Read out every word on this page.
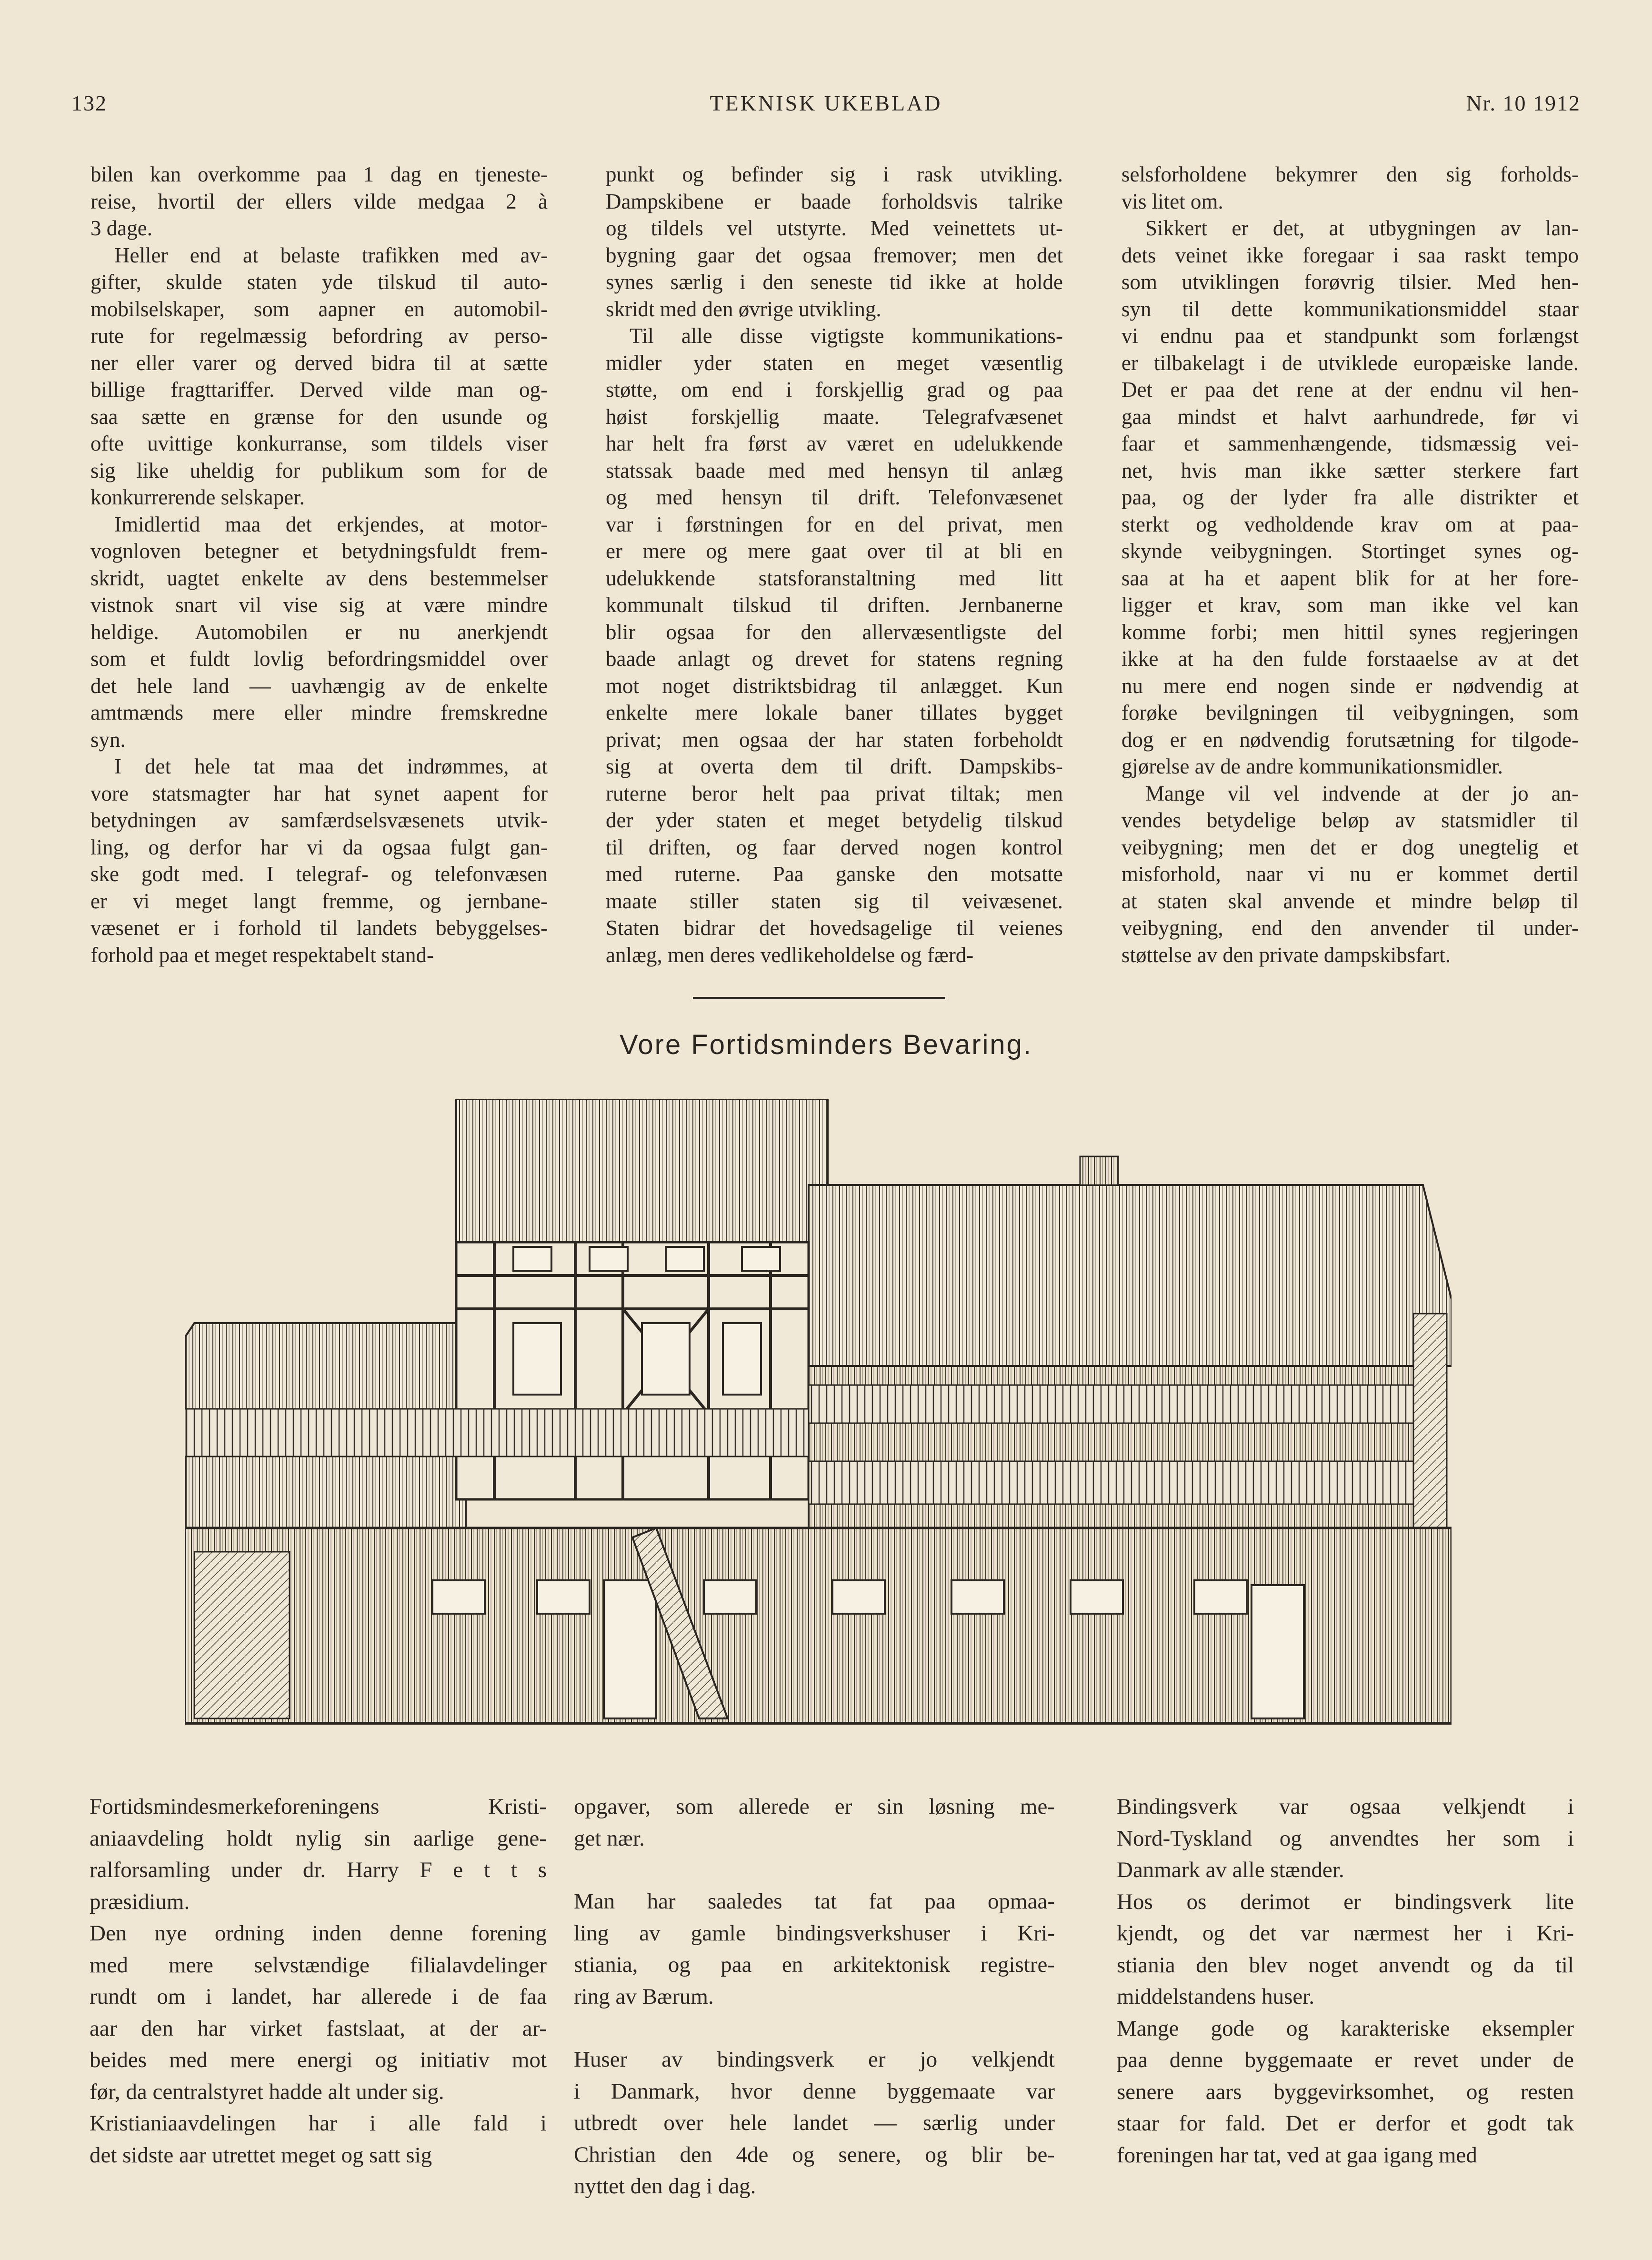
132	TEKNISK UKEBLAD	Nr. 10 1912

bilen kan overkomme paa 1 dag en tjeneste-
reise, hvortil der ellers vilde medgaa 2 à
3 dage.

Heller end at belaste trafikken med av-
gifter, skulde staten yde tilskud til auto-
mobilselskaper, som aapner en automobil-
rute for regelmæssig befordring av perso-
ner eller varer og derved bidra til at sætte
billige fragttariffer. Derved vilde man og-
saa sætte en grænse for den usunde og
ofte uvittige konkurranse, som tildels viser
sig like uheldig for publikum som for de
konkurrerende selskaper.

Imidlertid maa det erkjendes, at motor-
vognloven betegner et betydningsfuldt frem-
skridt, uagtet enkelte av dens bestemmelser
vistnok snart vil vise sig at være mindre
heldige. Automobilen er nu anerkjendt
som et fuldt lovlig befordringsmiddel over
det hele land — uavhængig av de enkelte
amtmænds mere eller mindre fremskredne
syn.

I det hele tat maa det indrømmes, at
vore statsmagter har hat synet aapent for
betydningen av samfærdselsvæsenets utvik-
ling, og derfor har vi da ogsaa fulgt gan-
ske godt med. I telegraf- og telefonvæsen
er vi meget langt fremme, og jernbane-
væsenet er i forhold til landets bebyggelses-
forhold paa et meget respektabelt stand-

punkt og befinder sig i rask utvikling.
Dampskibene er baade forholdsvis talrike
og tildels vel utstyrte. Med veinettets ut-
bygning gaar det ogsaa fremover; men det
synes særlig i den seneste tid ikke at holde
skridt med den øvrige utvikling.

Til alle disse vigtigste kommunikations-
midler yder staten en meget væsentlig
støtte, om end i forskjellig grad og paa
høist forskjellig maate. Telegrafvæsenet
har helt fra først av været en udelukkende
statssak baade med med hensyn til anlæg
og med hensyn til drift. Telefonvæsenet
var i førstningen for en del privat, men
er mere og mere gaat over til at bli en
udelukkende statsforanstaltning med litt
kommunalt tilskud til driften. Jernbanerne
blir ogsaa for den allervæsentligste del
baade anlagt og drevet for statens regning
mot noget distriktsbidrag til anlægget. Kun
enkelte mere lokale baner tillates bygget
privat; men ogsaa der har staten forbeholdt
sig at overta dem til drift. Dampskibs-
ruterne beror helt paa privat tiltak; men
der yder staten et meget betydelig tilskud
til driften, og faar derved nogen kontrol
med ruterne. Paa ganske den motsatte
maate stiller staten sig til veivæsenet.
Staten bidrar det hovedsagelige til veienes
anlæg, men deres vedlikeholdelse og færd-

selsforholdene bekymrer den sig forholds-
vis litet om.

Sikkert er det, at utbygningen av lan-
dets veinet ikke foregaar i saa raskt tempo
som utviklingen forøvrig tilsier. Med hen-
syn til dette kommunikationsmiddel staar
vi endnu paa et standpunkt som forlængst
er tilbakelagt i de utviklede europæiske lande.
Det er paa det rene at der endnu vil hen-
gaa mindst et halvt aarhundrede, før vi
faar et sammenhængende, tidsmæssig vei-
net, hvis man ikke sætter sterkere fart
paa, og der lyder fra alle distrikter et
sterkt og vedholdende krav om at paa-
skynde veibygningen. Stortinget synes og-
saa at ha et aapent blik for at her fore-
ligger et krav, som man ikke vel kan
komme forbi; men hittil synes regjeringen
ikke at ha den fulde forstaaelse av at det
nu mere end nogen sinde er nødvendig at
forøke bevilgningen til veibygningen, som
dog er en nødvendig forutsætning for tilgode-
gjørelse av de andre kommunikationsmidler.

Mange vil vel indvende at der jo an-
vendes betydelige beløp av statsmidler til
veibygning; men det er dog unegtelig et
misforhold, naar vi nu er kommet dertil
at staten skal anvende et mindre beløp til
veibygning, end den anvender til under-
støttelse av den private dampskibsfart.

Vore Fortidsminders Bevaring.

Fortidsmindesmerkeforeningens Kristi-
aniaavdeling holdt nylig sin aarlige gene-
ralforsamling under dr. Harry F e t t s
præsidium.

Den nye ordning inden denne forening
med mere selvstændige filialavdelinger
rundt om i landet, har allerede i de faa
aar den har virket fastslaat, at der ar-
beides med mere energi og initiativ mot
før, da centralstyret hadde alt under sig.

Kristianiaavdelingen har i alle fald i
det sidste aar utrettet meget og satt sig

opgaver, som allerede er sin løsning me-
get nær.

Man har saaledes tat fat paa opmaa-
ling av gamle bindingsverkshuser i Kri-
stiania, og paa en arkitektonisk registre-
ring av Bærum.

Huser av bindingsverk er jo velkjendt
i Danmark, hvor denne byggemaate var
utbredt over hele landet — særlig under
Christian den 4de og senere, og blir be-
nyttet den dag i dag.

Bindingsverk var ogsaa velkjendt i
Nord-Tyskland og anvendtes her som i
Danmark av alle stænder.

Hos os derimot er bindingsverk lite
kjendt, og det var nærmest her i Kri-
stiania den blev noget anvendt og da til
middelstandens huser.

Mange gode og karakteriske eksempler
paa denne byggemaate er revet under de
senere aars byggevirksomhet, og resten
staar for fald. Det er derfor et godt tak
foreningen har tat, ved at gaa igang med
